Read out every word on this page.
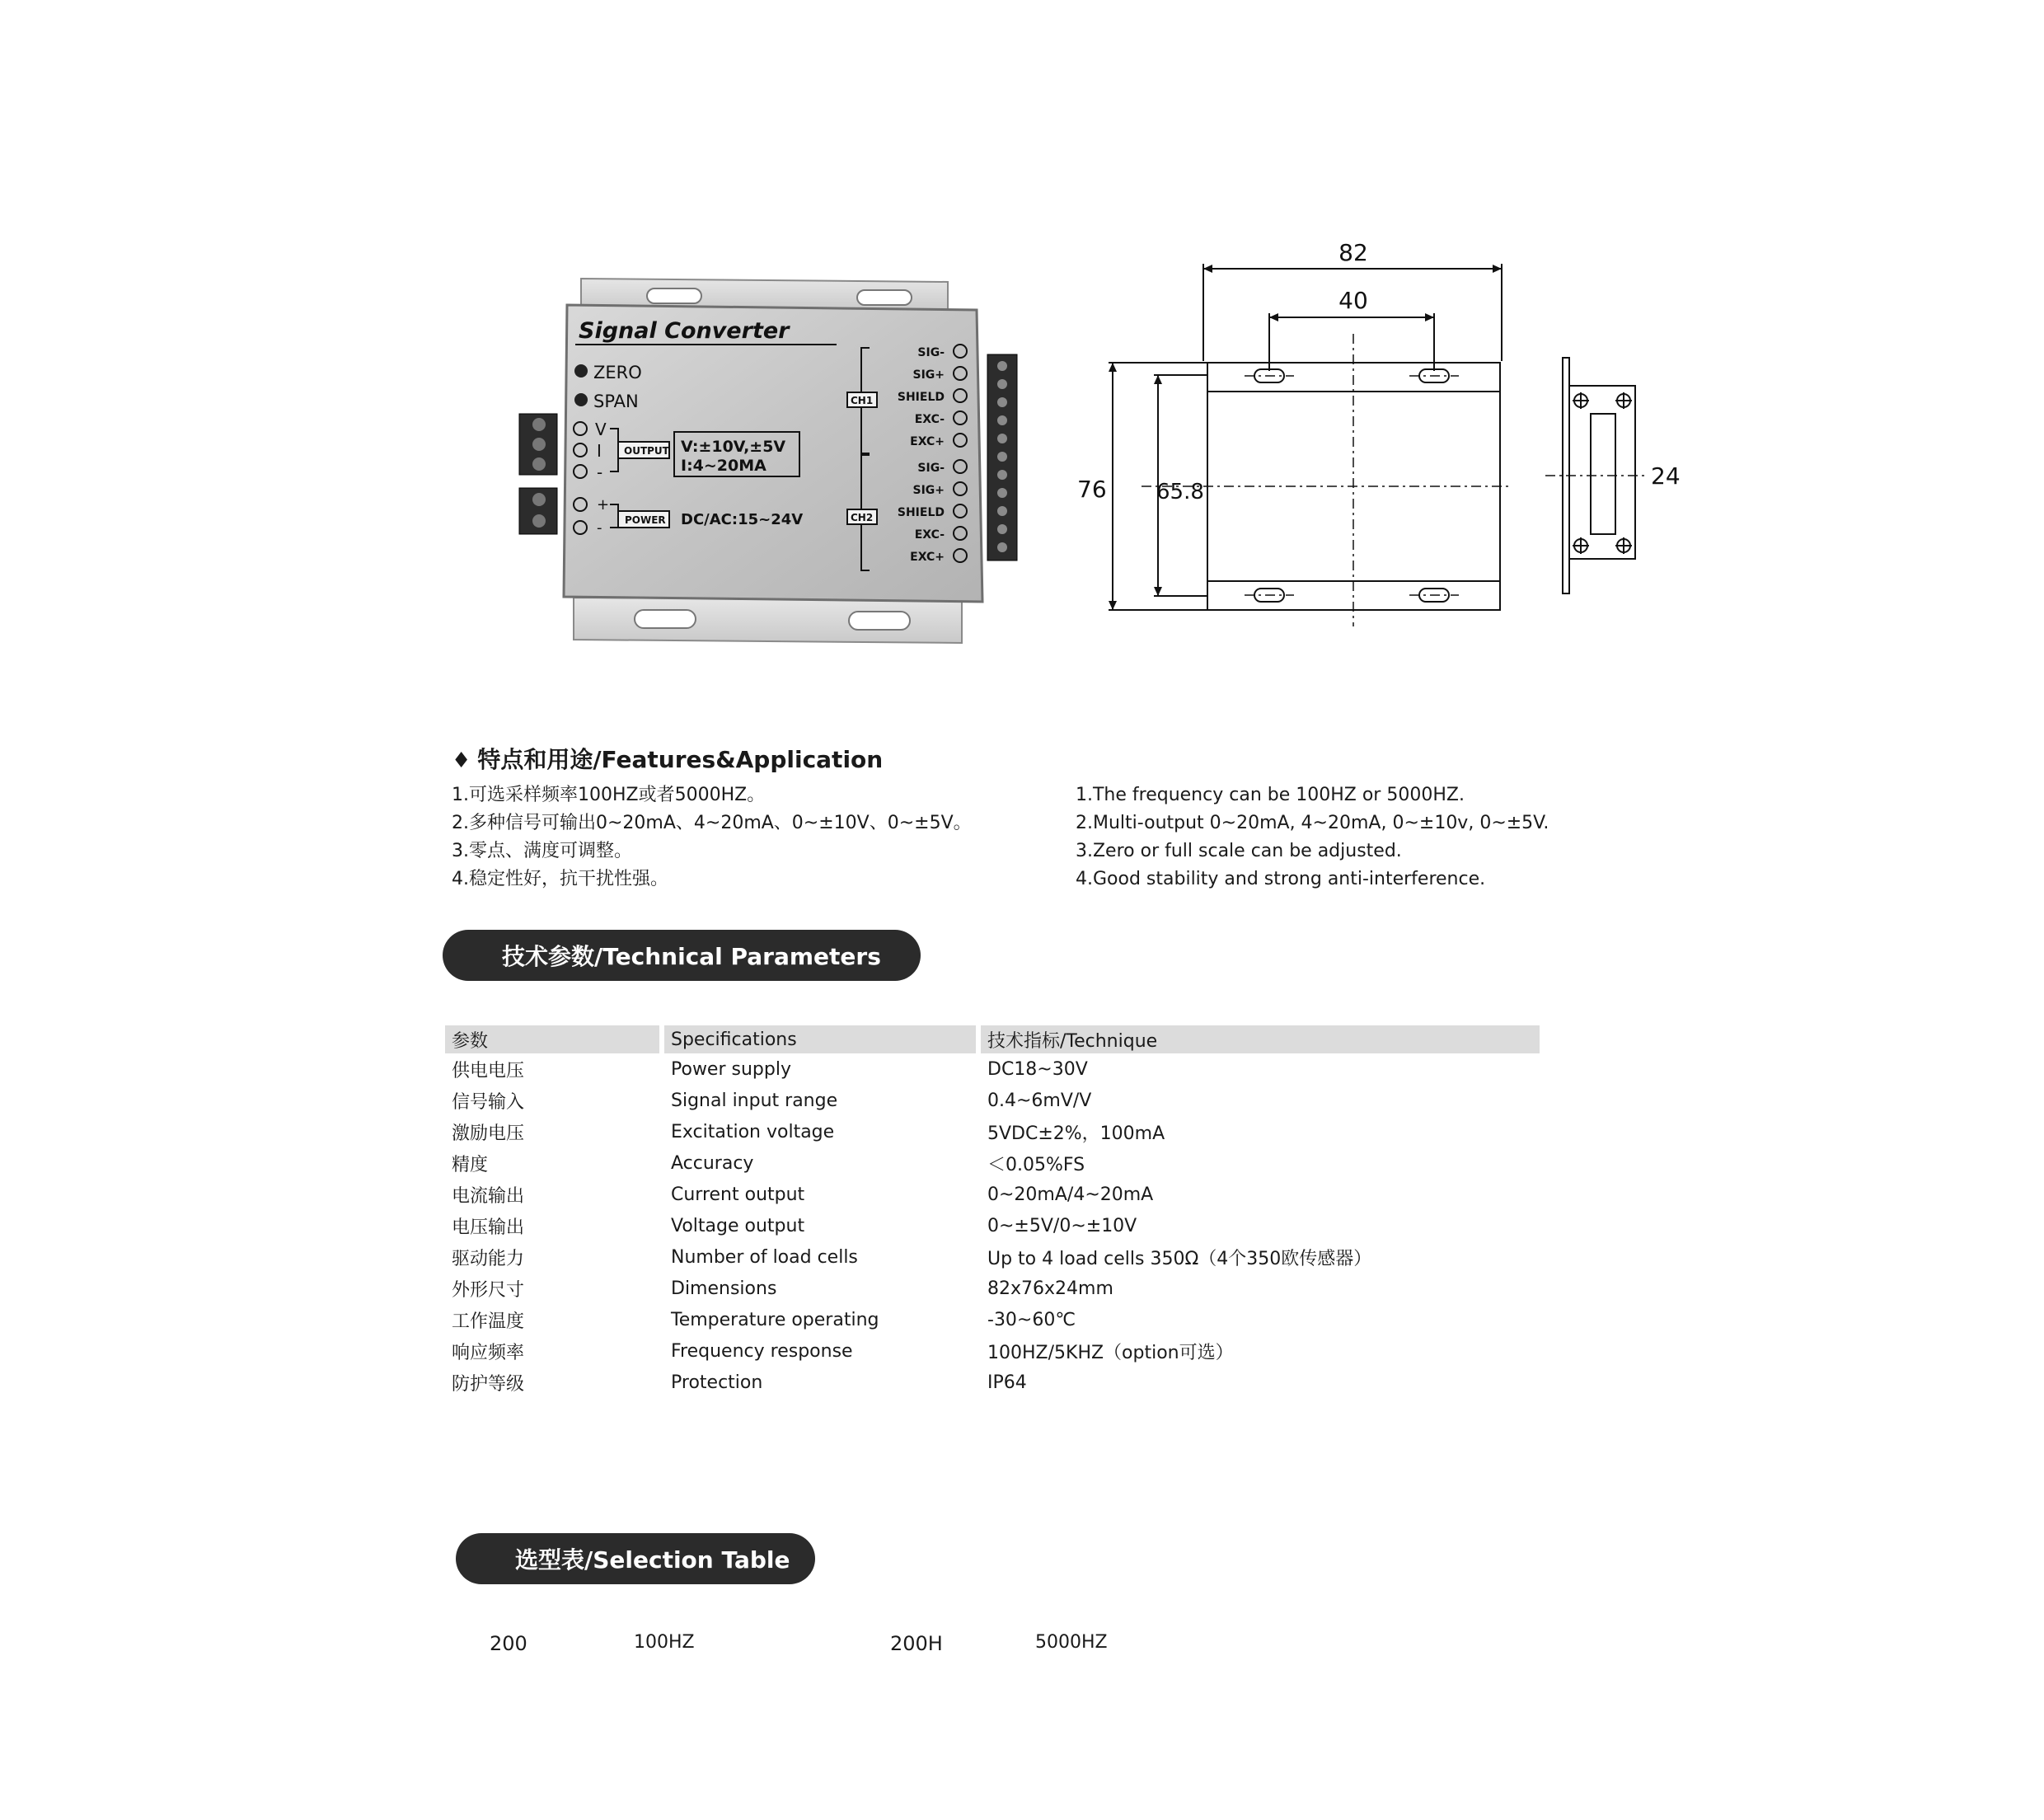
Signal Converter
ZERO
SPAN
V
I
-
+
-
OUTPUT V:±10V,±5V
I:4~20MA
POWER DC/AC:15~24V
CH1
CH2
SIG-
SIG+
SHIELD
EXC-
EXC+
SIG-
SIG+
SHIELD
EXC-
EXC+
82
40
76 65.8
24
♦ 特点和用途/Features&Application
1.可选采样频率100HZ或者5000HZ。
2.多种信号可输出0~20mA、4~20mA、0~±10V、0~±5V。
3.零点、满度可调整。
4.稳定性好，抗干扰性强。
1.The frequency can be 100HZ or 5000HZ.
2.Multi-output 0~20mA, 4~20mA, 0~±10v, 0~±5V.
3.Zero or full scale can be adjusted.
4.Good stability and strong anti-interference.
技术参数/Technical Parameters
参数	Specifications	技术指标/Technique
供电电压	Power supply	DC18~30V
信号输入	Signal input range	0.4~6mV/V
激励电压	Excitation voltage	5VDC±2%，100mA
精度	Accuracy	＜0.05%FS
电流输出	Current output	0~20mA/4~20mA
电压输出	Voltage output	0~±5V/0~±10V
驱动能力	Number of load cells	Up to 4 load cells 350Ω（4个350欧传感器）
外形尺寸	Dimensions	82x76x24mm
工作温度	Temperature operating	-30~60℃
响应频率	Frequency response	100HZ/5KHZ（option可选）
防护等级	Protection	IP64
选型表/Selection Table
200	100HZ	200H	5000HZ
